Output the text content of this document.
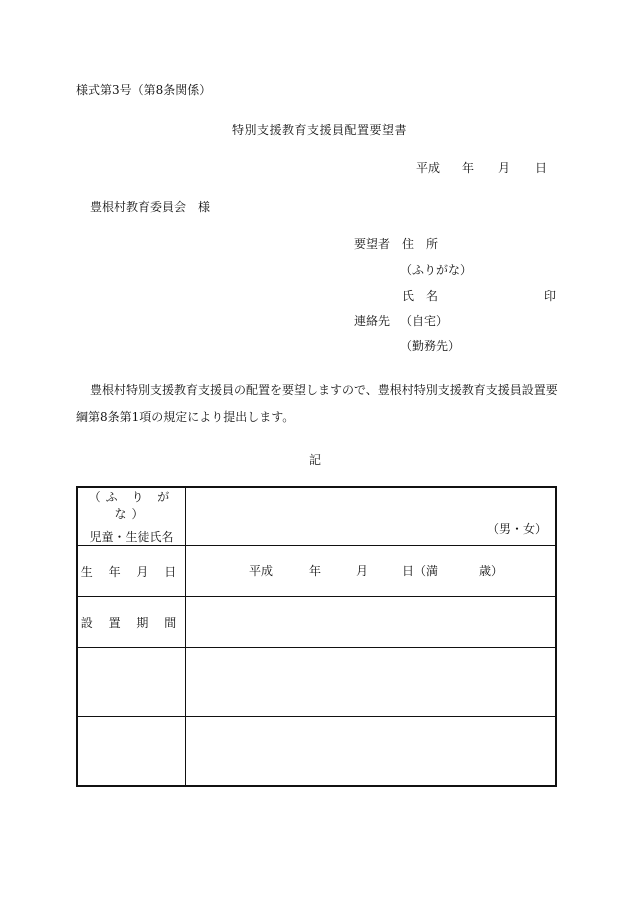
様式第3号（第8条関係）
特別支援教育支援員配置要望書
平成 年 月 日
豊根村教育委員会　様
要望者 住　所
（ふりがな）
氏　名	印
連絡先 （自宅）
（勤務先）
豊根村特別支援教育支援員の配置を要望しますので、豊根村特別支援教育支援員設置要
綱第8条第1項の規定により提出します。
記
（ふ り が な）
児童・生徒氏名	（男・女）

生 年 月 日	平成 年 月 日（満 歳）

設 置 期 間	
